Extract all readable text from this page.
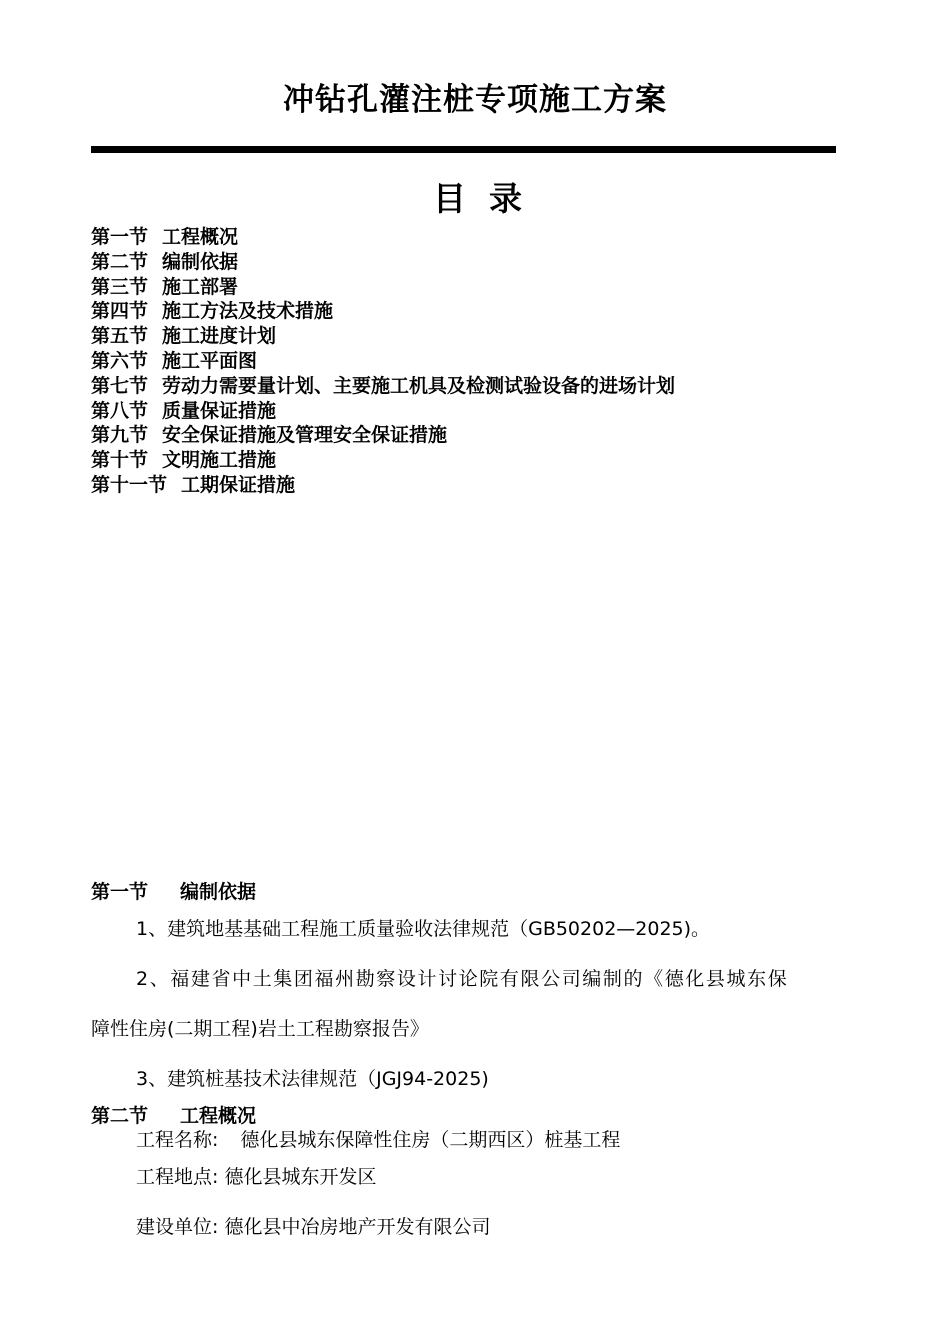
冲钻孔灌注桩专项施工方案
目  录
第一节 工程概况
第二节 编制依据
第三节 施工部署
第四节 施工方法及技术措施
第五节 施工进度计划
第六节 施工平面图
第七节 劳动力需要量计划、主要施工机具及检测试验设备的进场计划
第八节 质量保证措施
第九节 安全保证措施及管理安全保证措施
第十节 文明施工措施
第十一节 工期保证措施
第一节 编制依据
1、建筑地基基础工程施工质量验收法律规范（GB50202—2025)。
2、福建省中土集团福州勘察设计讨论院有限公司编制的《德化县城东保
障性住房(二期工程)岩土工程勘察报告》
3、建筑桩基技术法律规范（JGJ94-2025)
第二节 工程概况
工程名称: 德化县城东保障性住房（二期西区）桩基工程
工程地点: 德化县城东开发区
建设单位: 德化县中冶房地产开发有限公司
